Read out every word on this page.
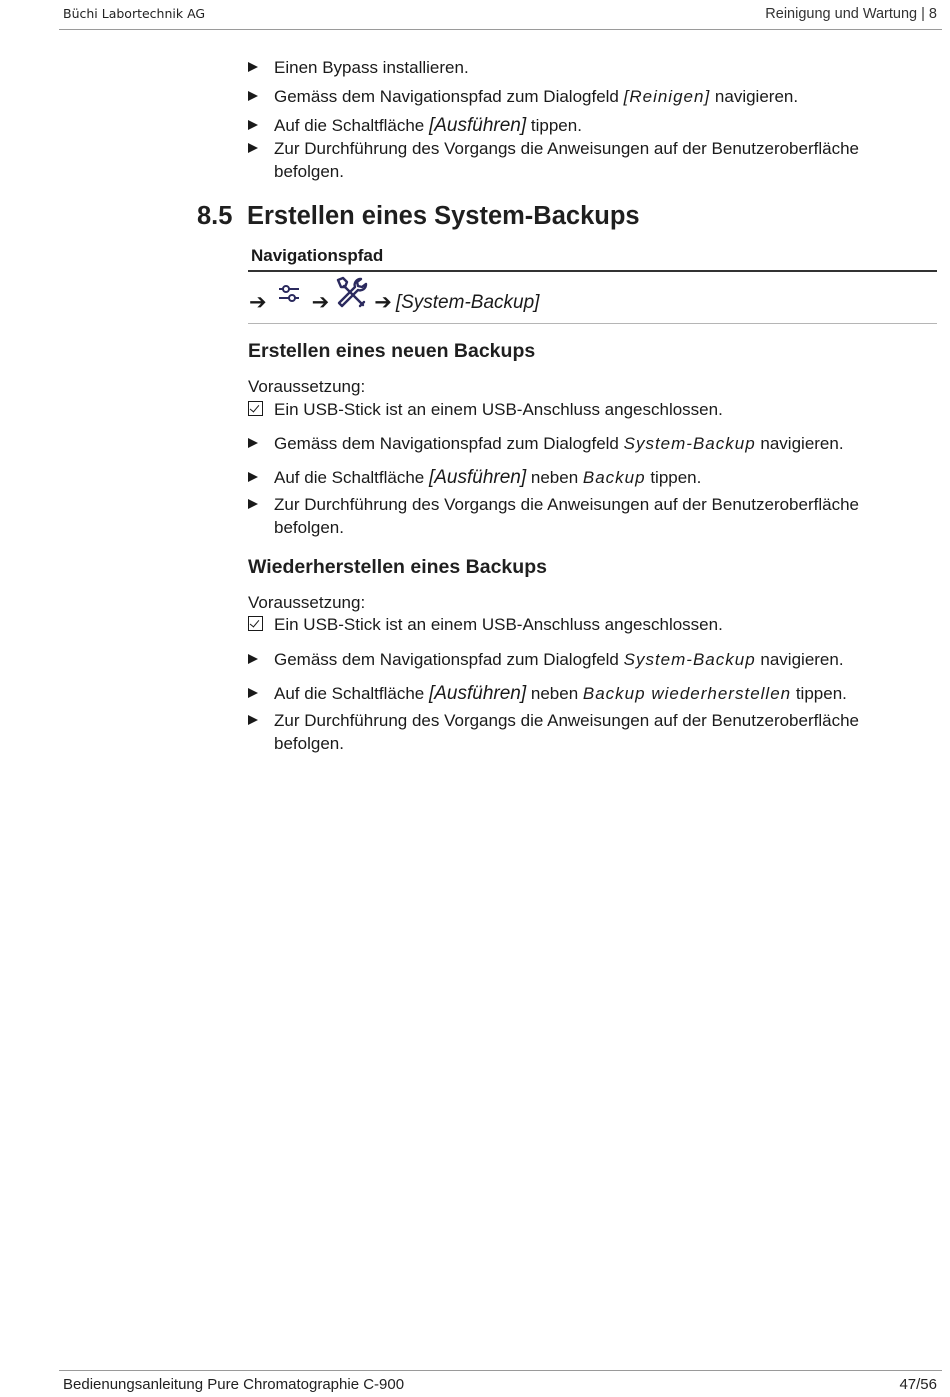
Büchi Labortechnik AG	Reinigung und Wartung | 8
Einen Bypass installieren.
Gemäss dem Navigationspfad zum Dialogfeld [Reinigen] navigieren.
Auf die Schaltfläche [Ausführen] tippen.
Zur Durchführung des Vorgangs die Anweisungen auf der Benutzeroberfläche befolgen.
8.5 Erstellen eines System-Backups
Navigationspfad
➔ ➔ ➔ [System-Backup]
Erstellen eines neuen Backups
Voraussetzung:
Ein USB-Stick ist an einem USB-Anschluss angeschlossen.
Gemäss dem Navigationspfad zum Dialogfeld System-Backup navigieren.
Auf die Schaltfläche [Ausführen] neben Backup tippen.
Zur Durchführung des Vorgangs die Anweisungen auf der Benutzeroberfläche befolgen.
Wiederherstellen eines Backups
Voraussetzung:
Ein USB-Stick ist an einem USB-Anschluss angeschlossen.
Gemäss dem Navigationspfad zum Dialogfeld System-Backup navigieren.
Auf die Schaltfläche [Ausführen] neben Backup wiederherstellen tippen.
Zur Durchführung des Vorgangs die Anweisungen auf der Benutzeroberfläche befolgen.
Bedienungsanleitung Pure Chromatographie C-900	47/56
